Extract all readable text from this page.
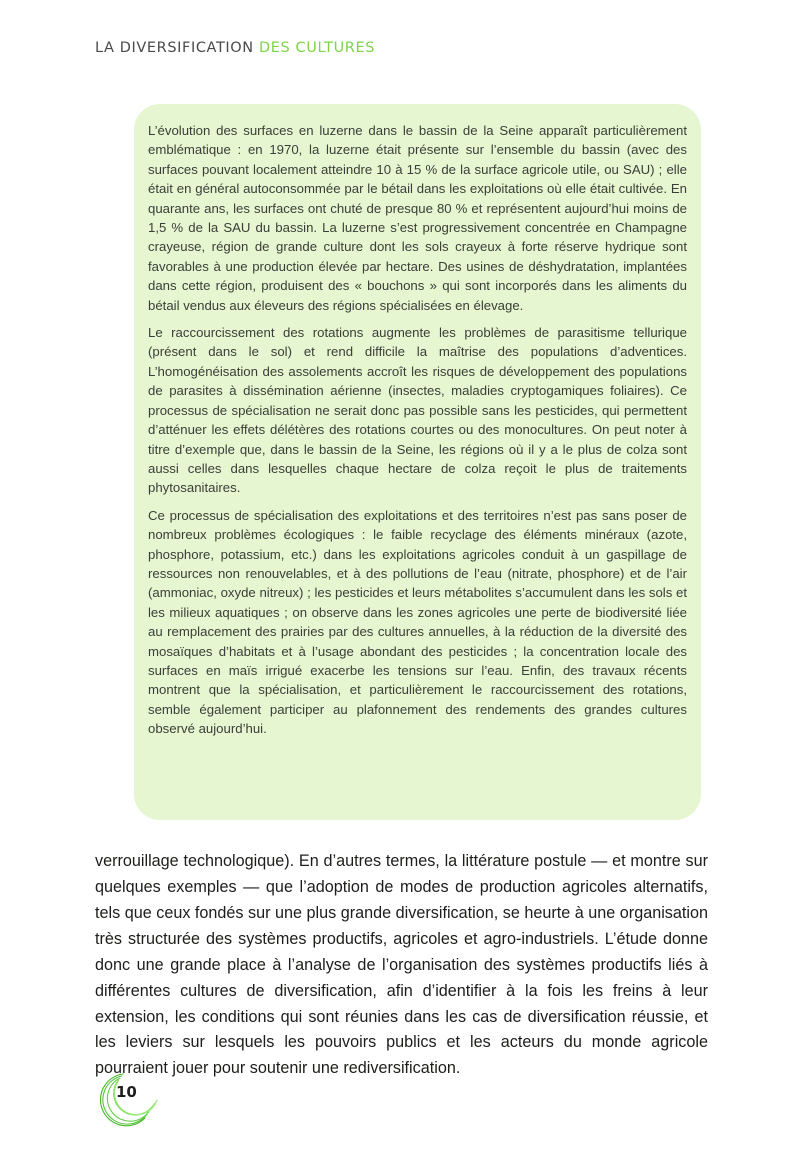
LA DIVERSIFICATION DES CULTURES

L’évolution des surfaces en luzerne dans le bassin de la Seine apparaît particulièrement emblématique : en 1970, la luzerne était présente sur l’ensemble du bassin (avec des surfaces pouvant localement atteindre 10 à 15 % de la surface agricole utile, ou SAU) ; elle était en général autoconsommée par le bétail dans les exploitations où elle était cultivée. En quarante ans, les surfaces ont chuté de presque 80 % et représentent aujourd’hui moins de 1,5 % de la SAU du bassin. La luzerne s’est progressivement concentrée en Champagne crayeuse, région de grande culture dont les sols crayeux à forte réserve hydrique sont favorables à une production élevée par hectare. Des usines de déshydratation, implantées dans cette région, produisent des « bouchons » qui sont incorporés dans les aliments du bétail vendus aux éleveurs des régions spécialisées en élevage.

Le raccourcissement des rotations augmente les problèmes de parasitisme tellurique (présent dans le sol) et rend difficile la maîtrise des populations d’adventices. L’homogénéisation des assolements accroît les risques de développement des populations de parasites à dissémination aérienne (insectes, maladies cryptogamiques foliaires). Ce processus de spécialisation ne serait donc pas possible sans les pesticides, qui permettent d’atténuer les effets délétères des rotations courtes ou des monocultures. On peut noter à titre d’exemple que, dans le bassin de la Seine, les régions où il y a le plus de colza sont aussi celles dans lesquelles chaque hectare de colza reçoit le plus de traitements phytosanitaires.

Ce processus de spécialisation des exploitations et des territoires n’est pas sans poser de nombreux problèmes écologiques : le faible recyclage des éléments minéraux (azote, phosphore, potassium, etc.) dans les exploitations agricoles conduit à un gaspillage de ressources non renouvelables, et à des pollutions de l’eau (nitrate, phosphore) et de l’air (ammoniac, oxyde nitreux) ; les pesticides et leurs métabolites s’accumulent dans les sols et les milieux aquatiques ; on observe dans les zones agricoles une perte de biodiversité liée au remplacement des prairies par des cultures annuelles, à la réduction de la diversité des mosaïques d’habitats et à l’usage abondant des pesticides ; la concentration locale des surfaces en maïs irrigué exacerbe les tensions sur l’eau. Enfin, des travaux récents montrent que la spécialisation, et particulièrement le raccourcissement des rotations, semble également participer au plafonnement des rendements des grandes cultures observé aujourd’hui.

verrouillage technologique). En d’autres termes, la littérature postule — et montre sur quelques exemples — que l’adoption de modes de production agricoles alternatifs, tels que ceux fondés sur une plus grande diversification, se heurte à une organisation très structurée des systèmes productifs, agricoles et agro-industriels. L’étude donne donc une grande place à l’analyse de l’organisation des systèmes productifs liés à différentes cultures de diversification, afin d’identifier à la fois les freins à leur extension, les conditions qui sont réunies dans les cas de diversification réussie, et les leviers sur lesquels les pouvoirs publics et les acteurs du monde agricole pourraient jouer pour soutenir une rediversification.
10
